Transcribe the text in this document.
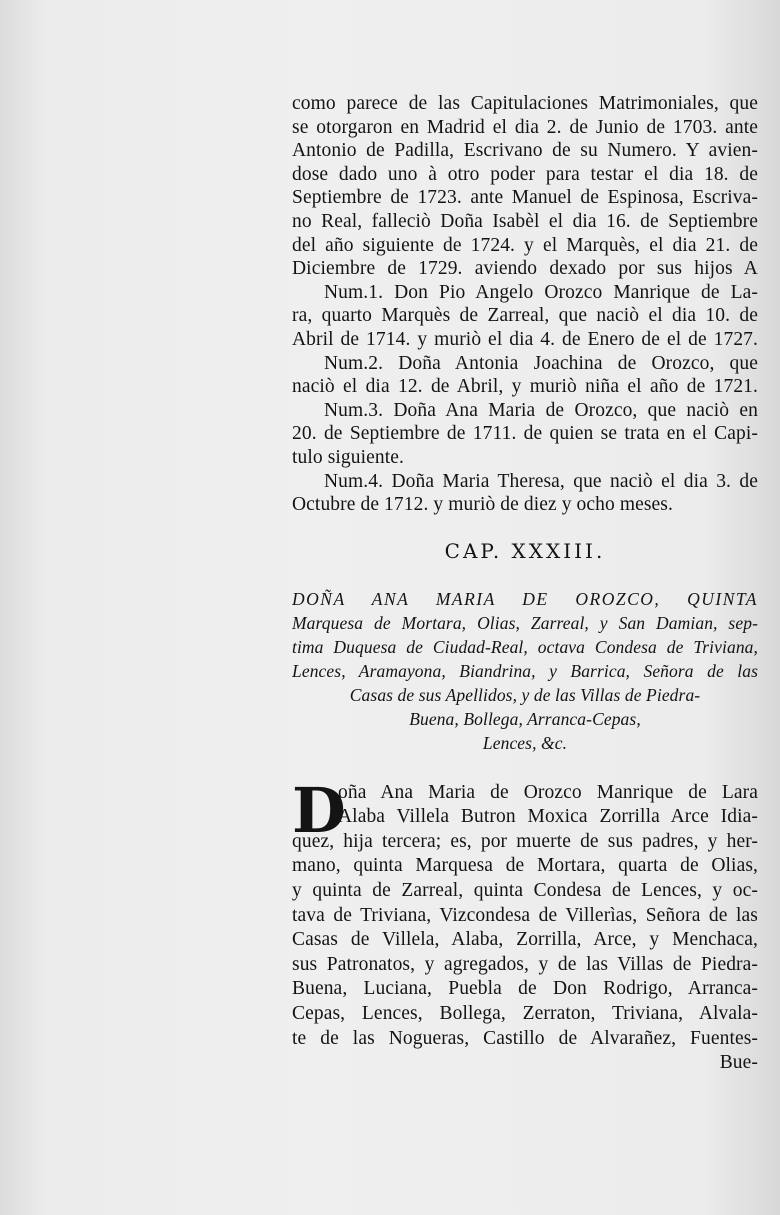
como parece de las Capitulaciones Matrimoniales, que
se otorgaron en Madrid el dia 2. de Junio de 1703. ante
Antonio de Padilla, Escrivano de su Numero. Y avien-
dose dado uno à otro poder para testar el dia 18. de
Septiembre de 1723. ante Manuel de Espinosa, Escriva-
no Real, falleciò Doña Isabèl el dia 16. de Septiembre
del año siguiente de 1724. y el Marquès, el dia 21. de
Diciembre de 1729. aviendo dexado por sus hijos A
Num.1. Don Pio Angelo Orozco Manrique de La-
ra, quarto Marquès de Zarreal, que naciò el dia 10. de
Abril de 1714. y muriò el dia 4. de Enero de el de 1727.
Num.2. Doña Antonia Joachina de Orozco, que
naciò el dia 12. de Abril, y muriò niña el año de 1721.
Num.3. Doña Ana Maria de Orozco, que naciò en
20. de Septiembre de 1711. de quien se trata en el Capi-
tulo siguiente.
Num.4. Doña Maria Theresa, que naciò el dia 3. de
Octubre de 1712. y muriò de diez y ocho meses.
CAP. XXXIII.
DOÑA ANA MARIA DE OROZCO, QUINTA
Marquesa de Mortara, Olias, Zarreal, y San Damian, sep-
tima Duquesa de Ciudad-Real, octava Condesa de Triviana,
Lences, Aramayona, Biandrina, y Barrica, Señora de las
Casas de sus Apellidos, y de las Villas de Piedra-
Buena, Bollega, Arranca-Cepas,
Lences, &c.
D
oña Ana Maria de Orozco Manrique de Lara
Alaba Villela Butron Moxica Zorrilla Arce Idia-
quez, hija tercera; es, por muerte de sus padres, y her-
mano, quinta Marquesa de Mortara, quarta de Olias,
y quinta de Zarreal, quinta Condesa de Lences, y oc-
tava de Triviana, Vizcondesa de Villerìas, Señora de las
Casas de Villela, Alaba, Zorrilla, Arce, y Menchaca,
sus Patronatos, y agregados, y de las Villas de Piedra-
Buena, Luciana, Puebla de Don Rodrigo, Arranca-
Cepas, Lences, Bollega, Zerraton, Triviana, Alvala-
te de las Nogueras, Castillo de Alvarañez, Fuentes-
Bue-
